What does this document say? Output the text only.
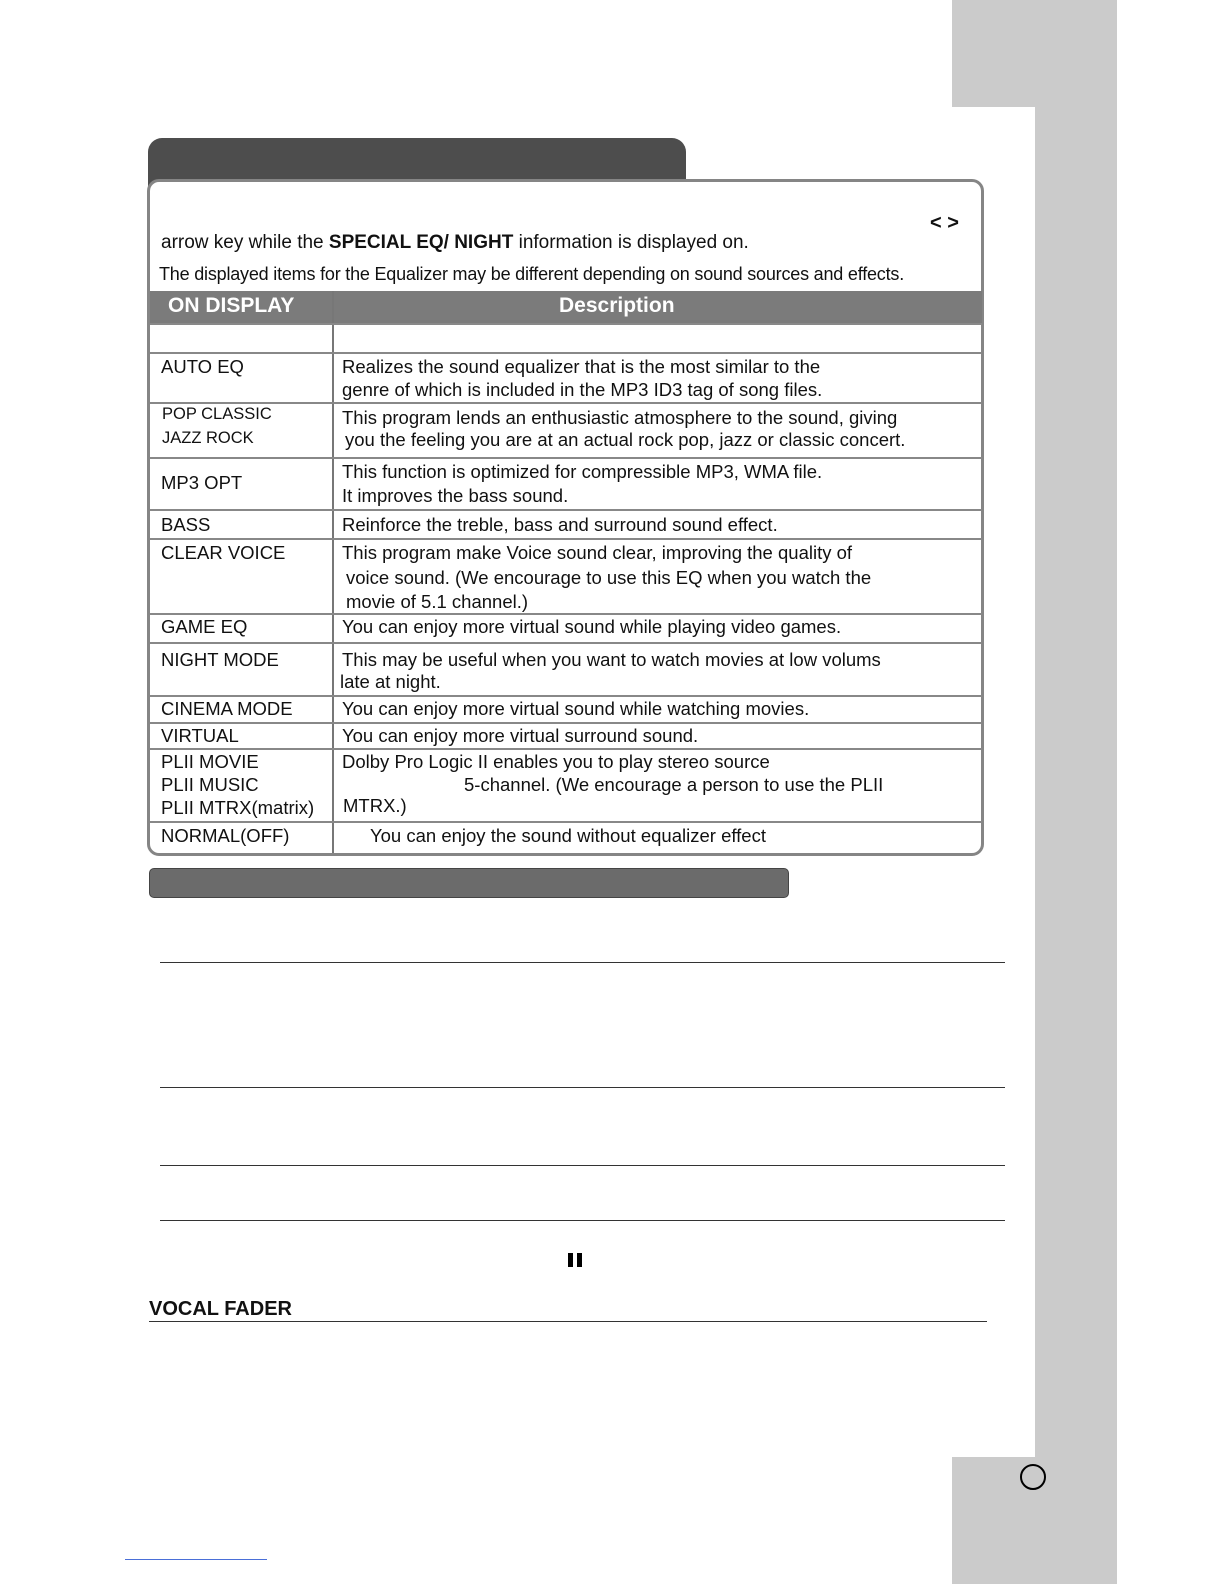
< >
arrow key while the SPECIAL EQ/ NIGHT information is displayed on.
The displayed items for the Equalizer may be different depending on sound sources and effects.
ON DISPLAY	Description
AUTO EQ
POP CLASSIC
JAZZ ROCK
MP3 OPT
BASS
CLEAR VOICE
GAME EQ
NIGHT MODE
CINEMA MODE
VIRTUAL
PLII MOVIE
PLII MUSIC
PLII MTRX(matrix)
NORMAL(OFF)
Realizes the sound equalizer that is the most similar to the
genre of which is included in the MP3 ID3 tag of song files.
This program lends an enthusiastic atmosphere to the sound, giving
you the feeling you are at an actual rock pop, jazz or classic concert.
This function is optimized for compressible MP3, WMA file.
It improves the bass sound.
Reinforce the treble, bass and surround sound effect.
This program make Voice sound clear, improving the quality of
voice sound. (We encourage to use this EQ when you watch the
movie of 5.1 channel.)
You can enjoy more virtual sound while playing video games.
This may be useful when you want to watch movies at low volums
late at night.
You can enjoy more virtual sound while watching movies.
You can enjoy more virtual surround sound.
Dolby Pro Logic II enables you to play stereo source
5-channel. (We encourage a person to use the PLII
MTRX.)
You can enjoy the sound without equalizer effect
VOCAL FADER
